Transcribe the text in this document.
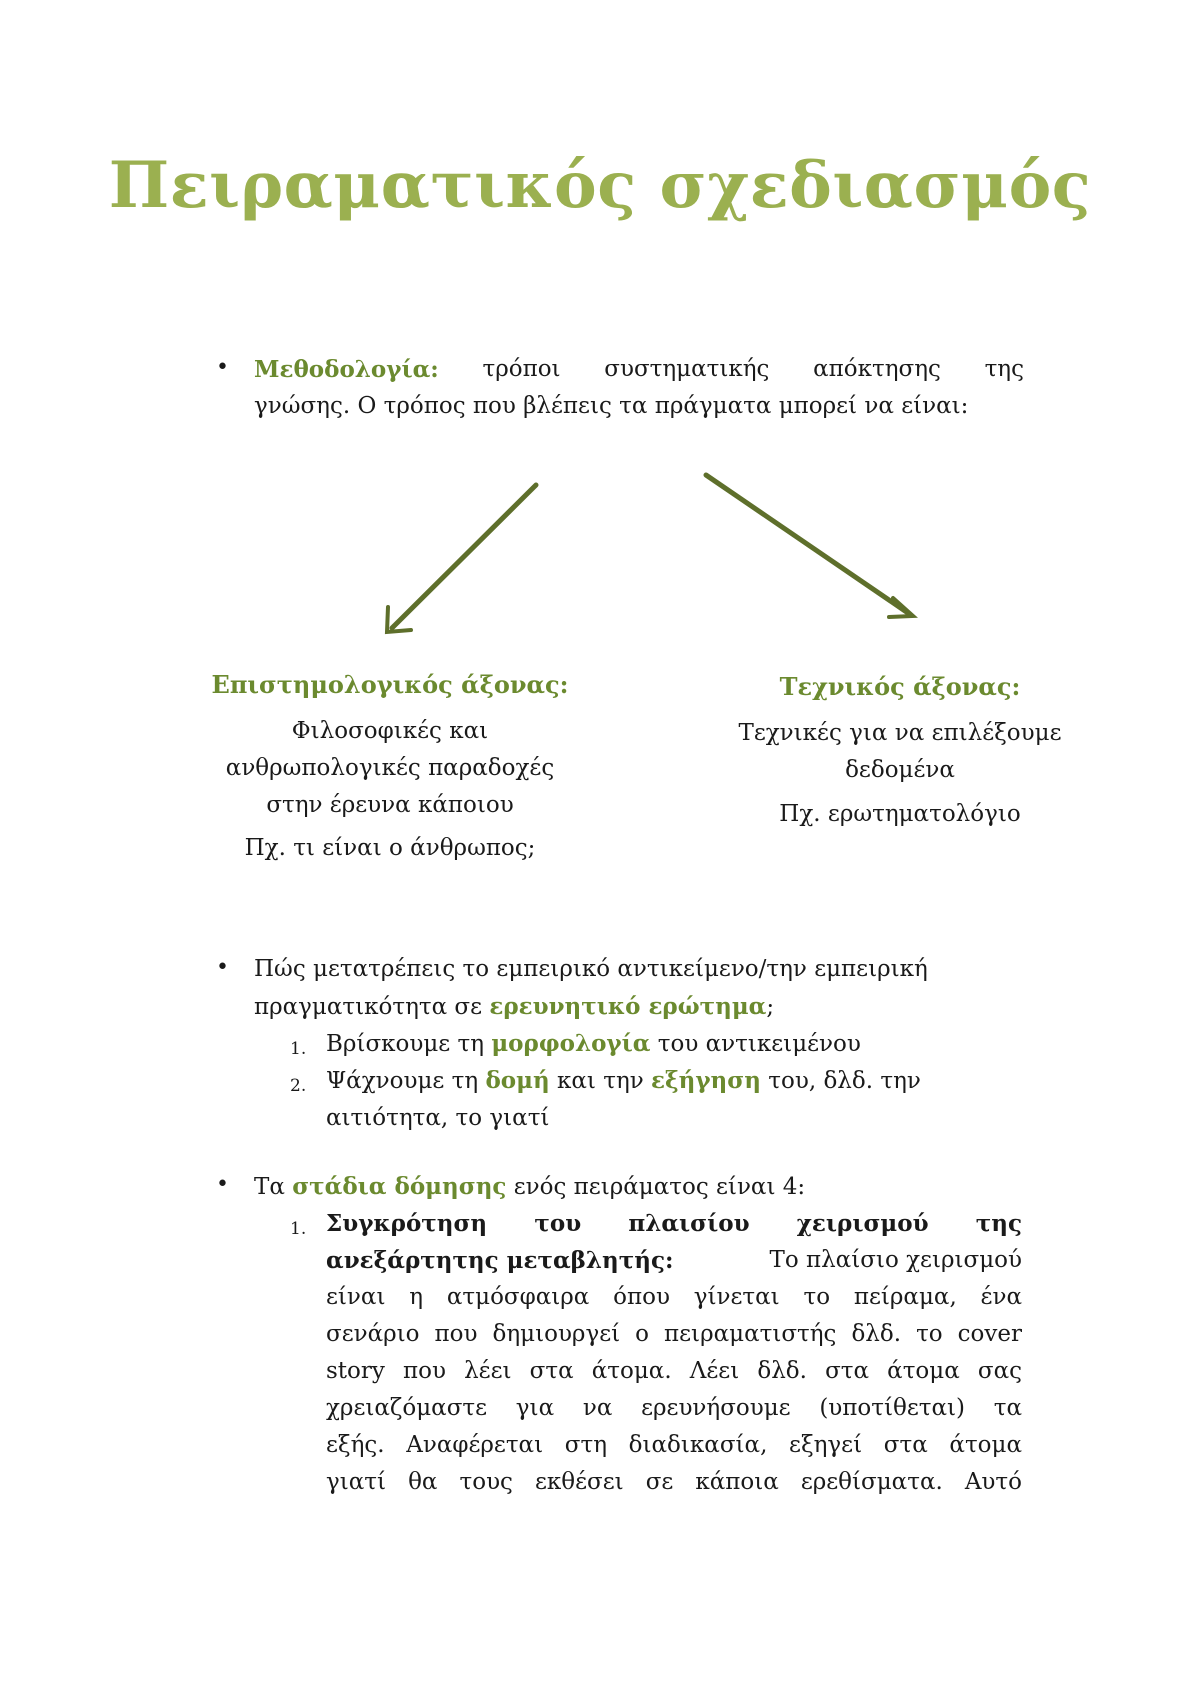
Πειραματικός σχεδιασμός
• Μεθοδολογία: τρόποι συστηματικής απόκτησης της
γνώσης. Ο τρόπος που βλέπεις τα πράγματα μπορεί να είναι:
Επιστημολογικός άξονας:
Φιλοσοφικές και
ανθρωπολογικές παραδοχές
στην έρευνα κάποιου
Πχ. τι είναι ο άνθρωπος;
Τεχνικός άξονας:
Τεχνικές για να επιλέξουμε
δεδομένα
Πχ. ερωτηματολόγιο
• Πώς μετατρέπεις το εμπειρικό αντικείμενο/την εμπειρική
πραγματικότητα σε ερευνητικό ερώτημα;
1. Βρίσκουμε τη μορφολογία του αντικειμένου
2. Ψάχνουμε τη δομή και την εξήγηση του, δλδ. την
αιτιότητα, το γιατί
• Τα στάδια δόμησης ενός πειράματος είναι 4:
1. Συγκρότηση του πλαισίου χειρισμού της
ανεξάρτητης μεταβλητής:	Το πλαίσιο χειρισμού
είναι η ατμόσφαιρα όπου γίνεται το πείραμα, ένα
σενάριο που δημιουργεί ο πειραματιστής δλδ. το cover
story που λέει στα άτομα. Λέει δλδ. στα άτομα σας
χρειαζόμαστε για να ερευνήσουμε (υποτίθεται) τα
εξής. Αναφέρεται στη διαδικασία, εξηγεί στα άτομα
γιατί θα τους εκθέσει σε κάποια ερεθίσματα. Αυτό
